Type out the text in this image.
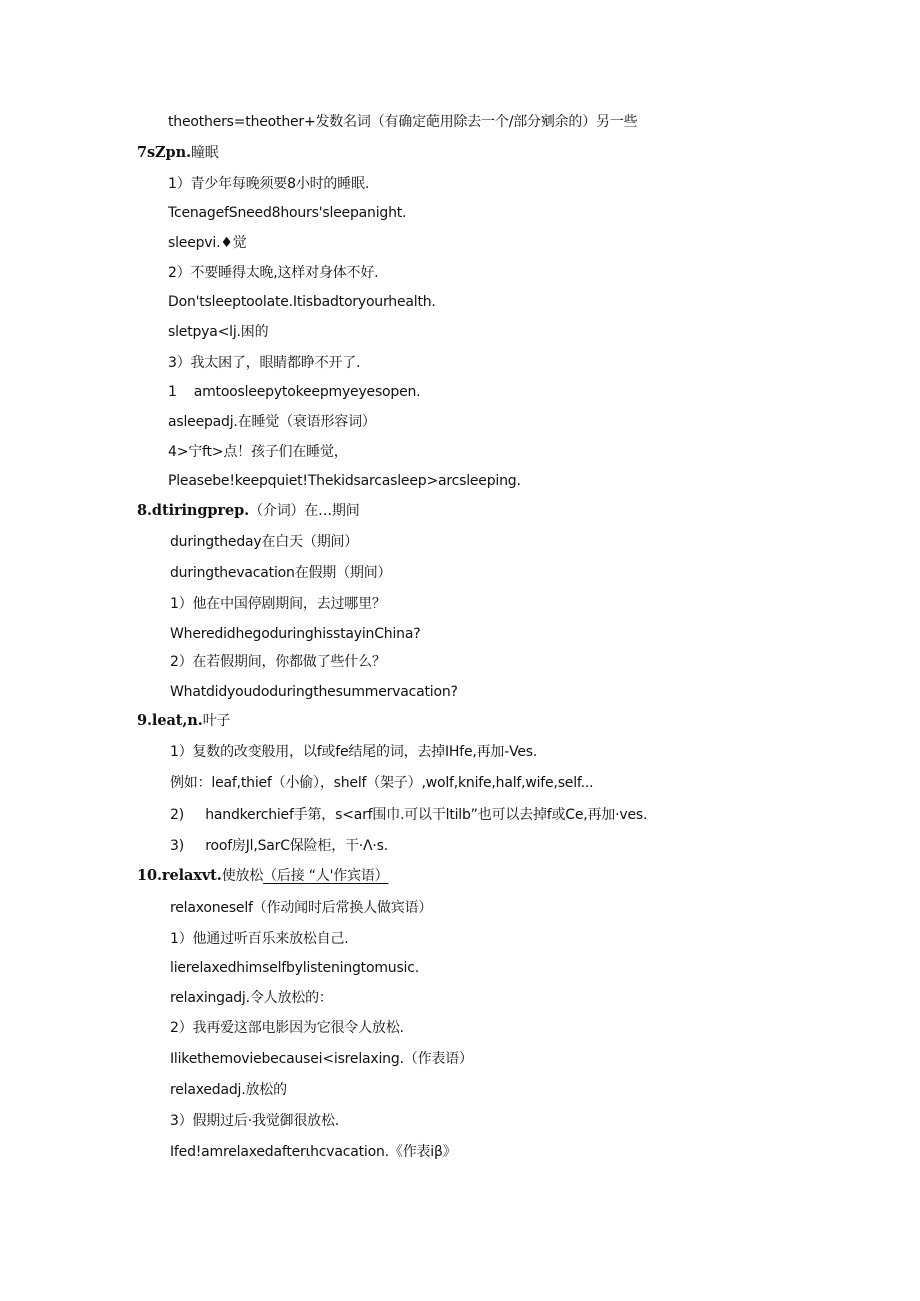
theothers=theother+发数名词（有确定葩用除去一个/部分剜余的）另一些
7sZpn.瞳眠
1）青少年每晚须要8小时的睡眠.
TcenagefSneed8hours'sleepanight.
sleepvi.♦觉
2）不要睡得太晚,这样对身体不好.
Don'tsleeptoolate.Itisbadtoryourhealth.
sletpya<lj.困的
3）我太困了，眼睛都睁不开了.
1    amtoosleepytokeepmyeyesopen.
asleepadj.在睡觉（衰语形容词）
4>宁ft>点！孩子们在睡觉，
Pleasebe!keepquiet!Thekidsarcasleep>arcsleeping.
8.dtiringprep.（介词）在…期间
duringtheday在白天（期间）
duringthevacation在假期（期间）
1）他在中国停剧期间，去过哪里？
WheredidhegoduringhisstayinChina?
2）在若假期间，你都做了些什么？
Whatdidyoudoduringthesummervacation?
9.leat,n.叶子
1）复数的改变般用，以f或fe结尾的词，去掉IHfe,再加-Ves.
例如：leaf,thief（小偷），shelf（架子）,wolf,knife,half,wife,self...
2)     handkerchief手第，s<arf围巾.可以干ltilb”也可以去掉f或Ce,再加·ves.
3)     roof房Jl,SarC保险柜，干·Λ·s.
10.relaxvt.使放松（后接 “人'作宾语）
relaxoneself（作动闻时后常换人做宾语）
1）他通过听百乐来放松自己.
lierelaxedhimselfbylisteningtomusic.
relaxingadj.令人放松的：
2）我再爱这部电影因为它很令人放松.
Ilikethemoviebecausei<isrelaxing.（作表语）
relaxedadj.放松的
3）假期过后·我觉御很放松.
Ifed!amrelaxedafterιhcvacation.《作表iβ》
